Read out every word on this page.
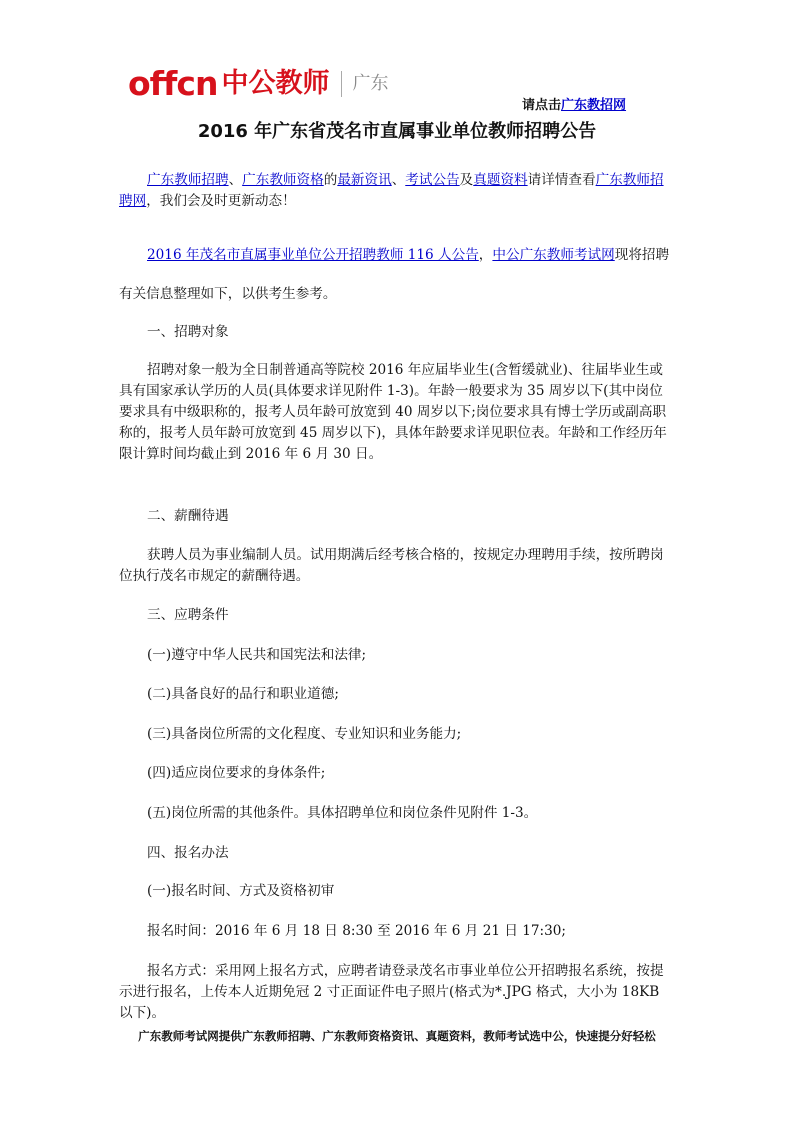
offcn 中公教师 广东
请点击广东教招网
2016 年广东省茂名市直属事业单位教师招聘公告

广东教师招聘、广东教师资格的最新资讯、考试公告及真题资料请详情查看广东教师招聘网，我们会及时更新动态！

2016 年茂名市直属事业单位公开招聘教师 116 人公告，中公广东教师考试网现将招聘

有关信息整理如下，以供考生参考。

一、招聘对象

招聘对象一般为全日制普通高等院校 2016 年应届毕业生(含暂缓就业)、往届毕业生或具有国家承认学历的人员(具体要求详见附件 1-3)。年龄一般要求为 35 周岁以下(其中岗位要求具有中级职称的，报考人员年龄可放宽到 40 周岁以下;岗位要求具有博士学历或副高职称的，报考人员年龄可放宽到 45 周岁以下)，具体年龄要求详见职位表。年龄和工作经历年限计算时间均截止到 2016 年 6 月 30 日。

二、薪酬待遇

获聘人员为事业编制人员。试用期满后经考核合格的，按规定办理聘用手续，按所聘岗位执行茂名市规定的薪酬待遇。

三、应聘条件

(一)遵守中华人民共和国宪法和法律;

(二)具备良好的品行和职业道德;

(三)具备岗位所需的文化程度、专业知识和业务能力;

(四)适应岗位要求的身体条件;

(五)岗位所需的其他条件。具体招聘单位和岗位条件见附件 1-3。

四、报名办法

(一)报名时间、方式及资格初审

报名时间：2016 年 6 月 18 日 8:30 至 2016 年 6 月 21 日 17:30;

报名方式：采用网上报名方式，应聘者请登录茂名市事业单位公开招聘报名系统，按提示进行报名，上传本人近期免冠 2 寸正面证件电子照片(格式为*.JPG 格式，大小为 18KB 以下)。

广东教师考试网提供广东教师招聘、广东教师资格资讯、真题资料，教师考试选中公，快速提分好轻松
